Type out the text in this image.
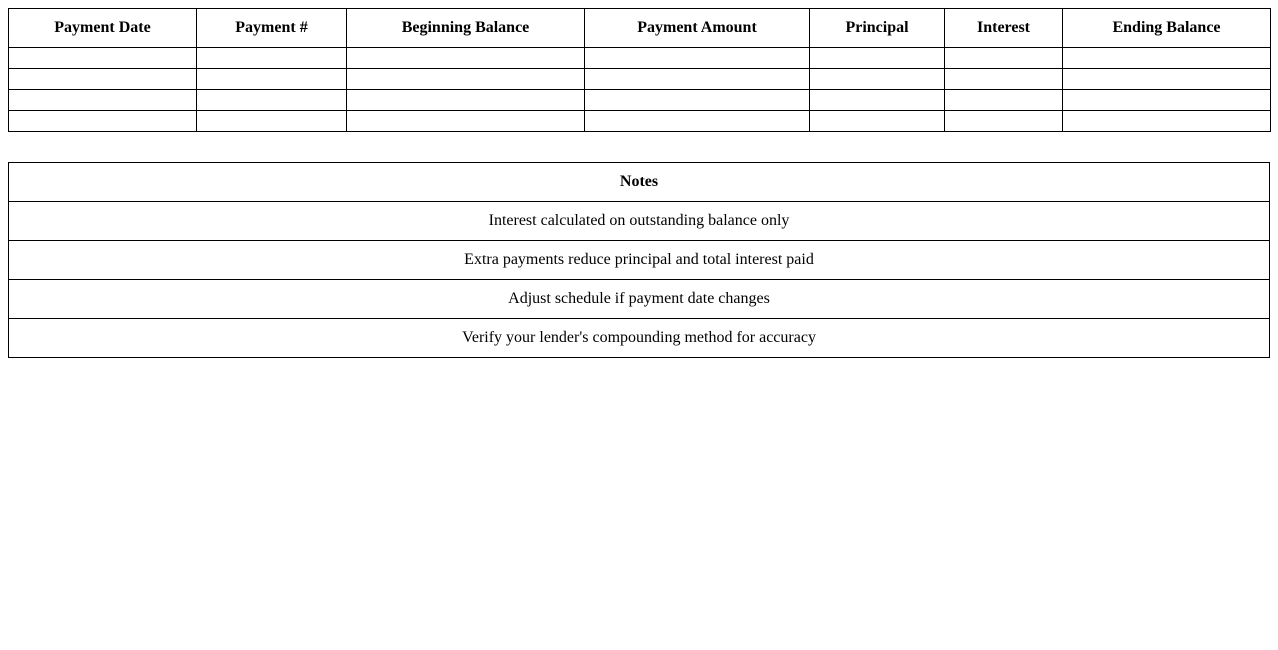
Payment Date	Payment #	Beginning Balance	Payment Amount	Principal	Interest	Ending Balance

Notes
Interest calculated on outstanding balance only
Extra payments reduce principal and total interest paid
Adjust schedule if payment date changes
Verify your lender's compounding method for accuracy
